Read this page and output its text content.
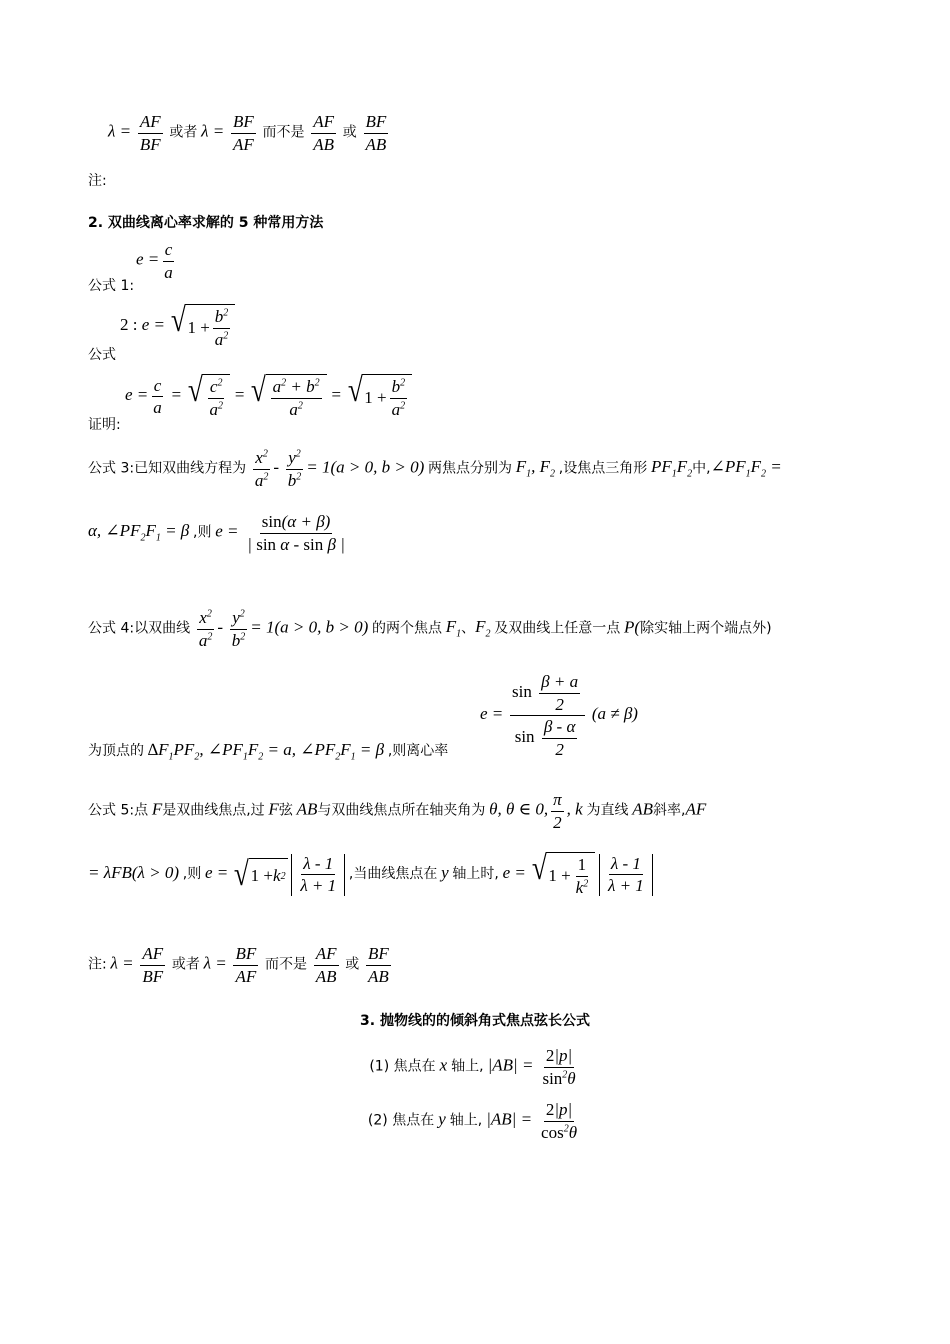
$\lambda = \frac{AF}{BF}$ 或者 $\lambda = \frac{BF}{AF}$ 而不是 $\frac{AF}{AB}$ 或 $\frac{BF}{AB}$
注:
2. 双曲线离心率求解的 5 种常用方法
公式 1:
$e = \frac{c}{a}$
2 : e = √ $1 + \frac{b^2}{a^2}$
公式
证明:
$e = \frac{c}{a}$ = √ $\frac{c^2}{a^2}$ = √ $\frac{a^2 + b^2}{a^2}$ = √ $1 + \frac{b^2}{a^2}$
公式 3:已知双曲线方程为 $\frac{x^2}{a^2} - \frac{y^2}{b^2} = 1(a > 0$, b > 0) 两焦点分别为 $F_1$, $F_2$ ,设焦点三角形 $PF_1F_2$中$,\angle PF_1F_2$ =
α, $\angle PF_2F_1 = \beta$ ,则 $e = \frac{\sin(\alpha + \beta)}{\text{| sin α - sin β |}}$
公式 4:以双曲线 $\frac{x^2}{a^2} - \frac{y^2}{b^2} = 1(a > 0$, b > 0) 的两个焦点 $F_1$、$F_2$ 及双曲线上任意一点 P(除实轴上两个端点外)
$e = \frac{\sin \frac{\beta + a}{2}}{\sin \frac{\beta - \alpha}{2}} (a \ne \beta)$
为顶点的 $\Delta F_1PF_2$, $\angle PF_1F_2 = a$, $\angle PF_2F_1 = \beta$ ,则离心率
公式 5:点 F是双曲线焦点,过 F弦 AB与双曲线焦点所在轴夹角为 θ, θ ∈ 0, $\frac{\pi}{2}$ , k 为直线 AB斜率,AF
= λFB(λ > 0) ,则 e = √ 1 + k 2
$\frac{\lambda - 1}{\lambda + 1}$ ,当曲线焦点在 y 轴上时, e = √ $1 + \frac{1}{k^2}$
$\frac{\lambda - 1}{\lambda + 1}$
注: $\lambda = \frac{AF}{BF}$ 或者 $\lambda = \frac{BF}{AF}$ 而不是 $\frac{AF}{AB}$ 或 $\frac{BF}{AB}$
3. 抛物线的的倾斜角式焦点弦长公式
(1) 焦点在 x 轴上, $|AB| = \frac{2|p|}{\sin^2\theta}$
(2) 焦点在 y 轴上, $|AB| = \frac{2|p|}{\cos^2\theta}$
